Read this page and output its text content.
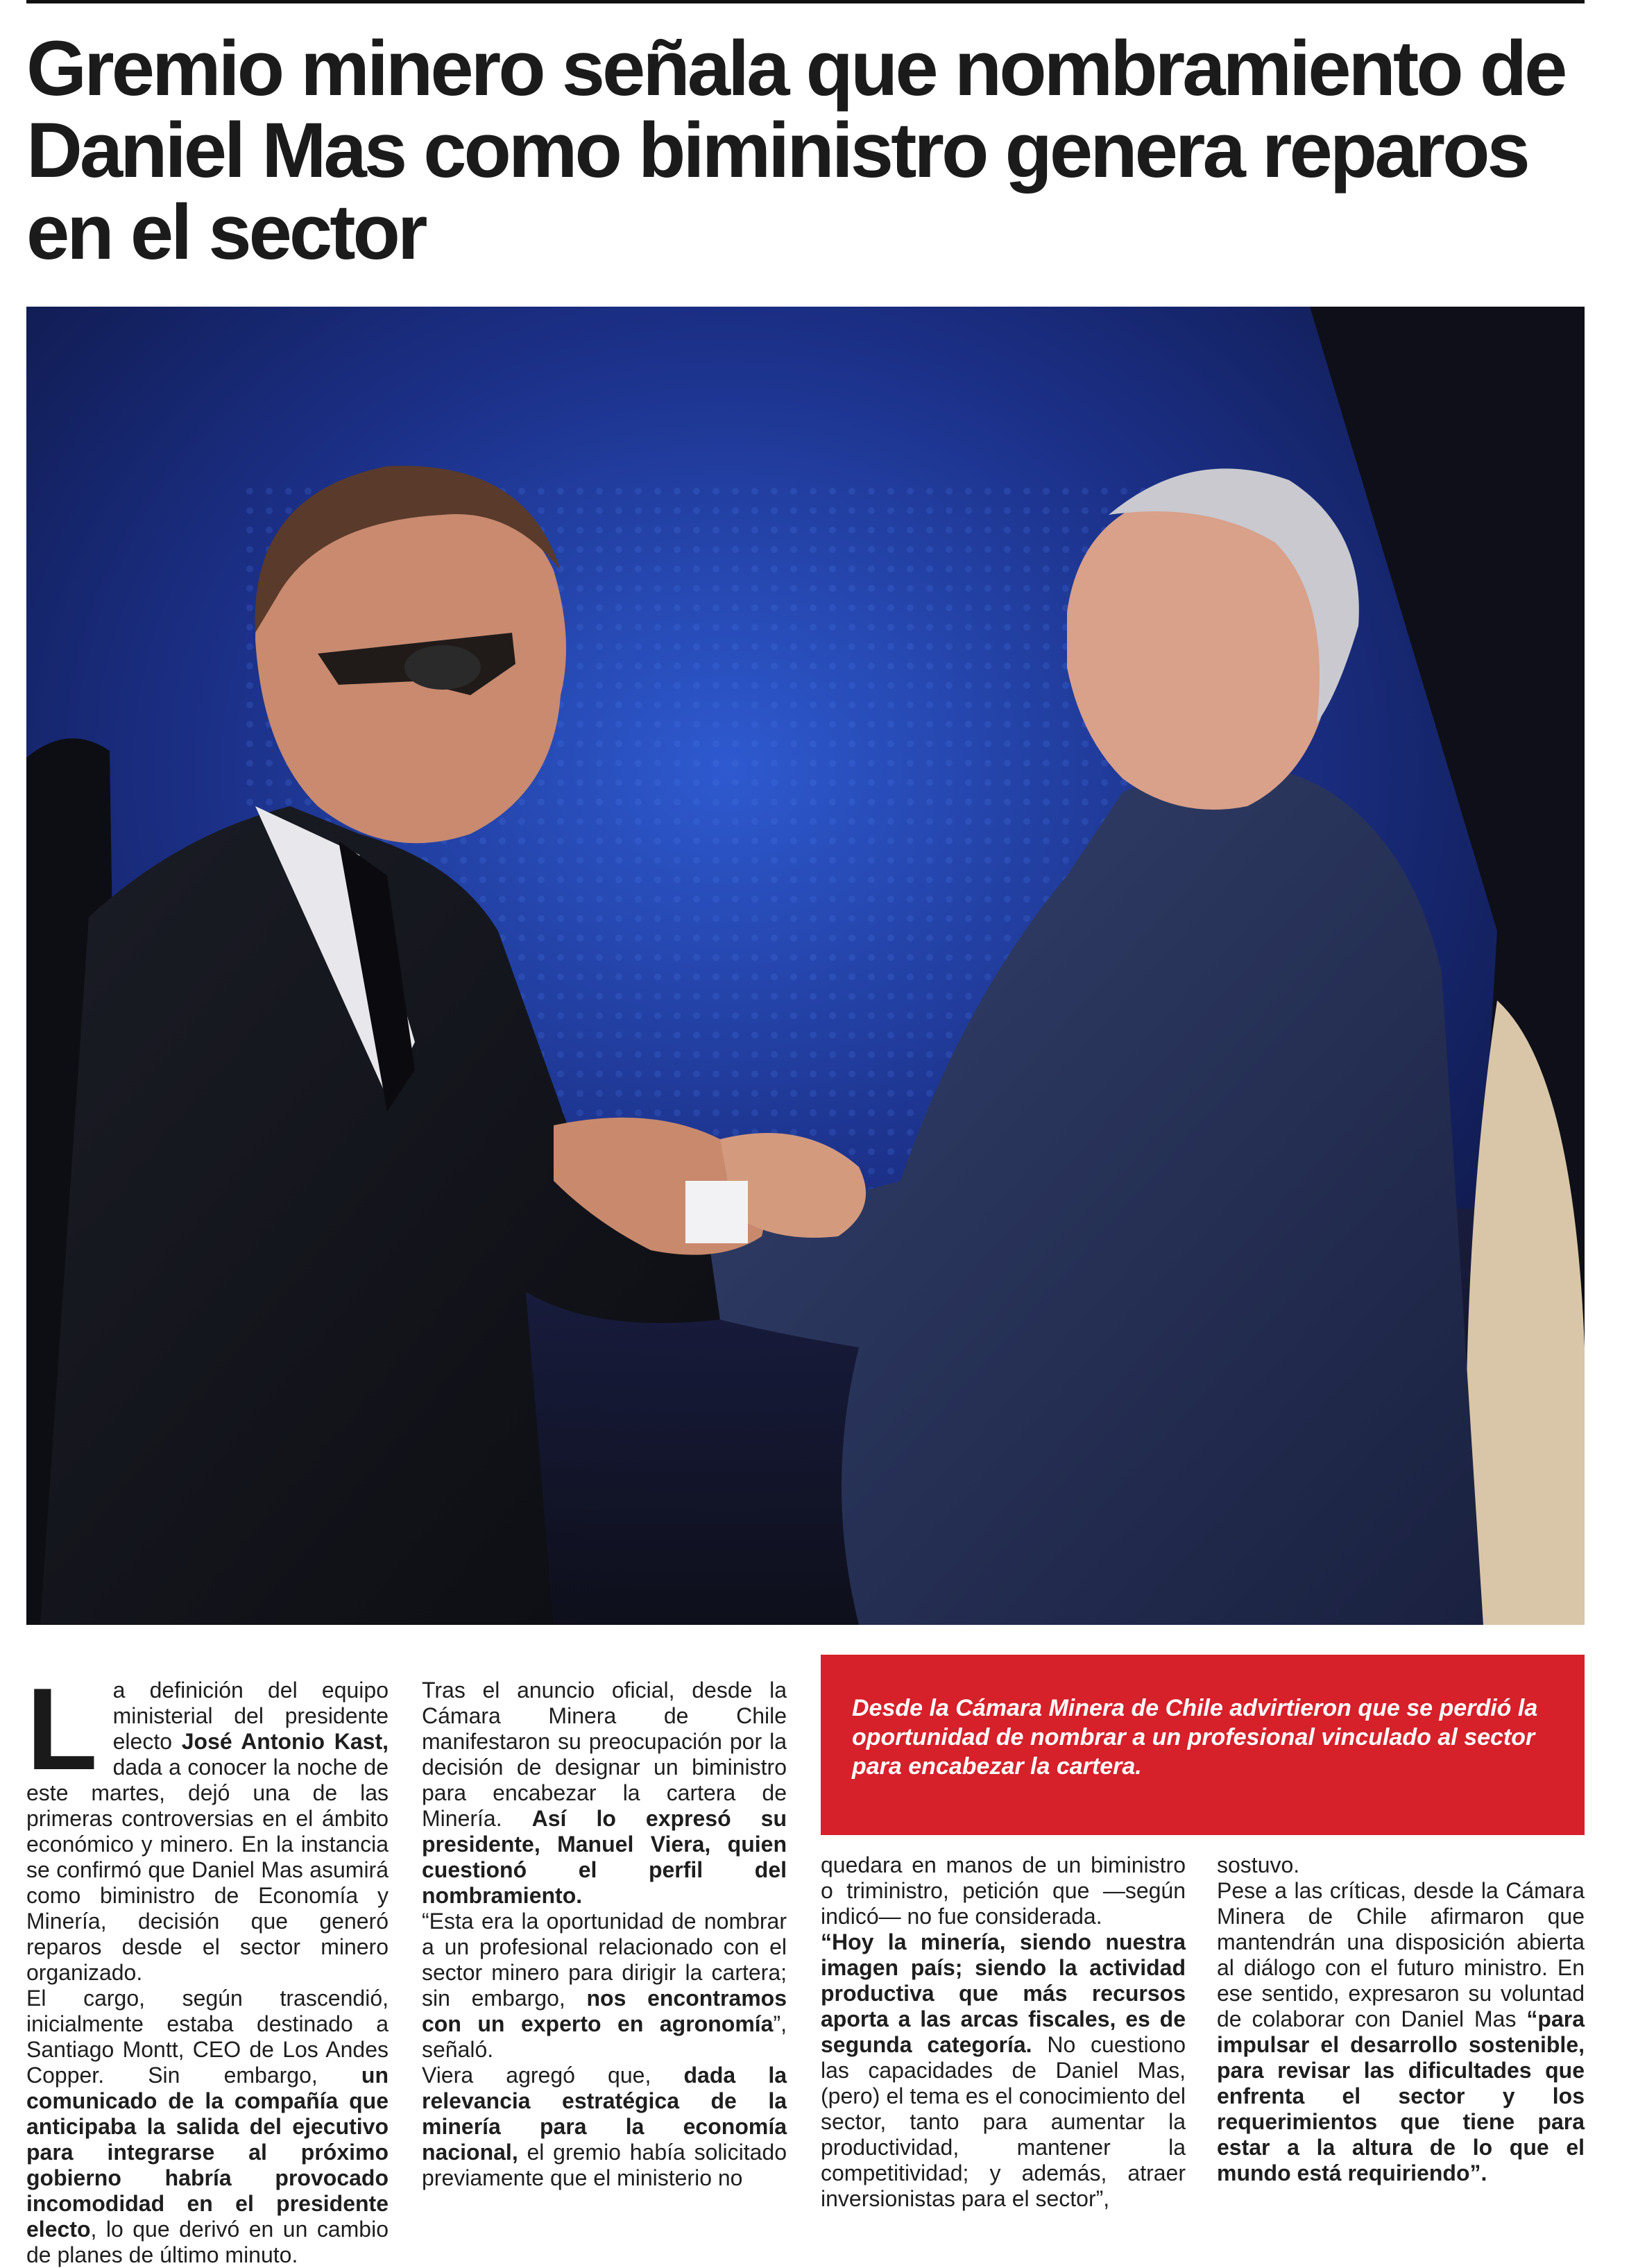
Gremio minero señala que nombramiento de Daniel Mas como biministro genera reparos en el sector

Desde la Cámara Minera de Chile advirtieron que se perdió la oportunidad de nombrar a un profesional vinculado al sector para encabezar la cartera.

L a definición del equipo ministerial del presidente electo José Antonio Kast, dada a conocer la noche de este martes, dejó una de las primeras controversias en el ámbito económico y minero. En la instancia se confirmó que Daniel Mas asumirá como biministro de Economía y Minería, decisión que generó reparos desde el sector minero organizado.

El cargo, según trascendió, inicialmente estaba destinado a Santiago Montt, CEO de Los Andes Copper. Sin embargo, un comunicado de la compañía que anticipaba la salida del ejecutivo para integrarse al próximo gobierno habría provocado incomodidad en el presidente electo, lo que derivó en un cambio de planes de último minuto.

Tras el anuncio oficial, desde la Cámara Minera de Chile manifestaron su preocupación por la decisión de designar un biministro para encabezar la cartera de Minería. Así lo expresó su presidente, Manuel Viera, quien cuestionó el perfil del nombramiento.

“Esta era la oportunidad de nombrar a un profesional relacionado con el sector minero para dirigir la cartera; sin embargo, nos encontramos con un experto en agronomía”, señaló.

Viera agregó que, dada la relevancia estratégica de la minería para la economía nacional, el gremio había solicitado previamente que el ministerio no

quedara en manos de un biministro o triministro, petición que —según indicó— no fue considerada.

“Hoy la minería, siendo nuestra imagen país; siendo la actividad productiva que más recursos aporta a las arcas fiscales, es de segunda categoría. No cuestiono las capacidades de Daniel Mas, (pero) el tema es el conocimiento del sector, tanto para aumentar la productividad, mantener la competitividad; y además, atraer inversionistas para el sector”,

sostuvo.

Pese a las críticas, desde la Cámara Minera de Chile afirmaron que mantendrán una disposición abierta al diálogo con el futuro ministro. En ese sentido, expresaron su voluntad de colaborar con Daniel Mas “para impulsar el desarrollo sostenible, para revisar las dificultades que enfrenta el sector y los requerimientos que tiene para estar a la altura de lo que el mundo está requiriendo”.
